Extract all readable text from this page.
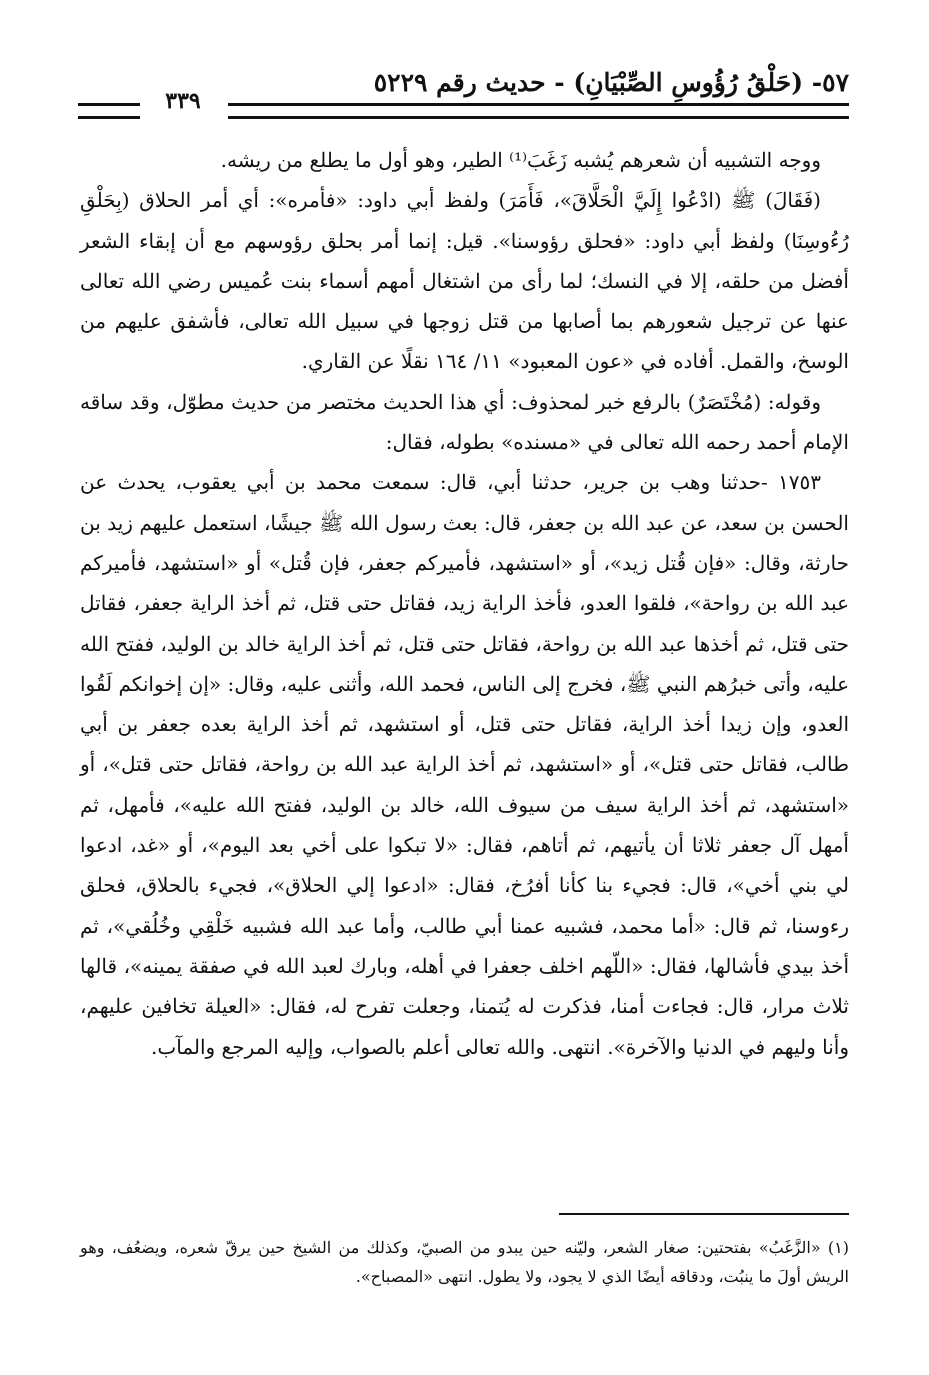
٥٧- (حَلْقُ رُؤُوسِ الصِّبْيَانِ) - حديث رقم ٥٢٢٩
٣٣٩

ووجه التشبيه أن شعرهم يُشبه زَغَبَ⁽¹⁾ الطير، وهو أول ما يطلع من ريشه.

(فَقَالَ) ﷺ (ادْعُوا إِلَيَّ الْحَلَّاقَ»، فَأَمَرَ) ولفظ أبي داود: «فأمره»: أي أمر الحلاق (بِحَلْقِ رُءُوسِنَا) ولفظ أبي داود: «فحلق رؤوسنا». قيل: إنما أمر بحلق رؤوسهم مع أن إبقاء الشعر أفضل من حلقه، إلا في النسك؛ لما رأى من اشتغال أمهم أسماء بنت عُميس رضي الله تعالى عنها عن ترجيل شعورهم بما أصابها من قتل زوجها في سبيل الله تعالى، فأشفق عليهم من الوسخ، والقمل. أفاده في «عون المعبود» ١١/ ١٦٤ نقلًا عن القاري.

وقوله: (مُخْتَصَرٌ) بالرفع خبر لمحذوف: أي هذا الحديث مختصر من حديث مطوّل، وقد ساقه الإمام أحمد رحمه الله تعالى في «مسنده» بطوله، فقال:

١٧٥٣ -حدثنا وهب بن جرير، حدثنا أبي، قال: سمعت محمد بن أبي يعقوب، يحدث عن الحسن بن سعد، عن عبد الله بن جعفر، قال: بعث رسول الله ﷺ جيشًا، استعمل عليهم زيد بن حارثة، وقال: «فإن قُتل زيد»، أو «استشهد، فأميركم جعفر، فإن قُتل» أو «استشهد، فأميركم عبد الله بن رواحة»، فلقوا العدو، فأخذ الراية زيد، فقاتل حتى قتل، ثم أخذ الراية جعفر، فقاتل حتى قتل، ثم أخذها عبد الله بن رواحة، فقاتل حتى قتل، ثم أخذ الراية خالد بن الوليد، ففتح الله عليه، وأتى خبرُهم النبي ﷺ، فخرج إلى الناس، فحمد الله، وأثنى عليه، وقال: «إن إخوانكم لَقُوا العدو، وإن زيدا أخذ الراية، فقاتل حتى قتل، أو استشهد، ثم أخذ الراية بعده جعفر بن أبي طالب، فقاتل حتى قتل»، أو «استشهد، ثم أخذ الراية عبد الله بن رواحة، فقاتل حتى قتل»، أو «استشهد، ثم أخذ الراية سيف من سيوف الله، خالد بن الوليد، ففتح الله عليه»، فأمهل، ثم أمهل آل جعفر ثلاثا أن يأتيهم، ثم أتاهم، فقال: «لا تبكوا على أخي بعد اليوم»، أو «غد، ادعوا لي بني أخي»، قال: فجيء بنا كأنا أفرُخ، فقال: «ادعوا إلي الحلاق»، فجيء بالحلاق، فحلق رءوسنا، ثم قال: «أما محمد، فشبيه عمنا أبي طالب، وأما عبد الله فشبيه خَلْقِي وخُلُقي»، ثم أخذ بيدي فأشالها، فقال: «اللّهم اخلف جعفرا في أهله، وبارك لعبد الله في صفقة يمينه»، قالها ثلاث مرار، قال: فجاءت أمنا، فذكرت له يُتمنا، وجعلت تفرح له، فقال: «العيلة تخافين عليهم، وأنا وليهم في الدنيا والآخرة». انتهى. والله تعالى أعلم بالصواب، وإليه المرجع والمآب.

(١) «الزَّغَبُ» بفتحتين: صغار الشعر، وليّنه حين يبدو من الصبيّ، وكذلك من الشيخ حين يرقّ شعره، ويضعُف، وهو الريش أولَ ما ينبُت، ودقاقه أيضًا الذي لا يجود، ولا يطول. انتهى «المصباح».
